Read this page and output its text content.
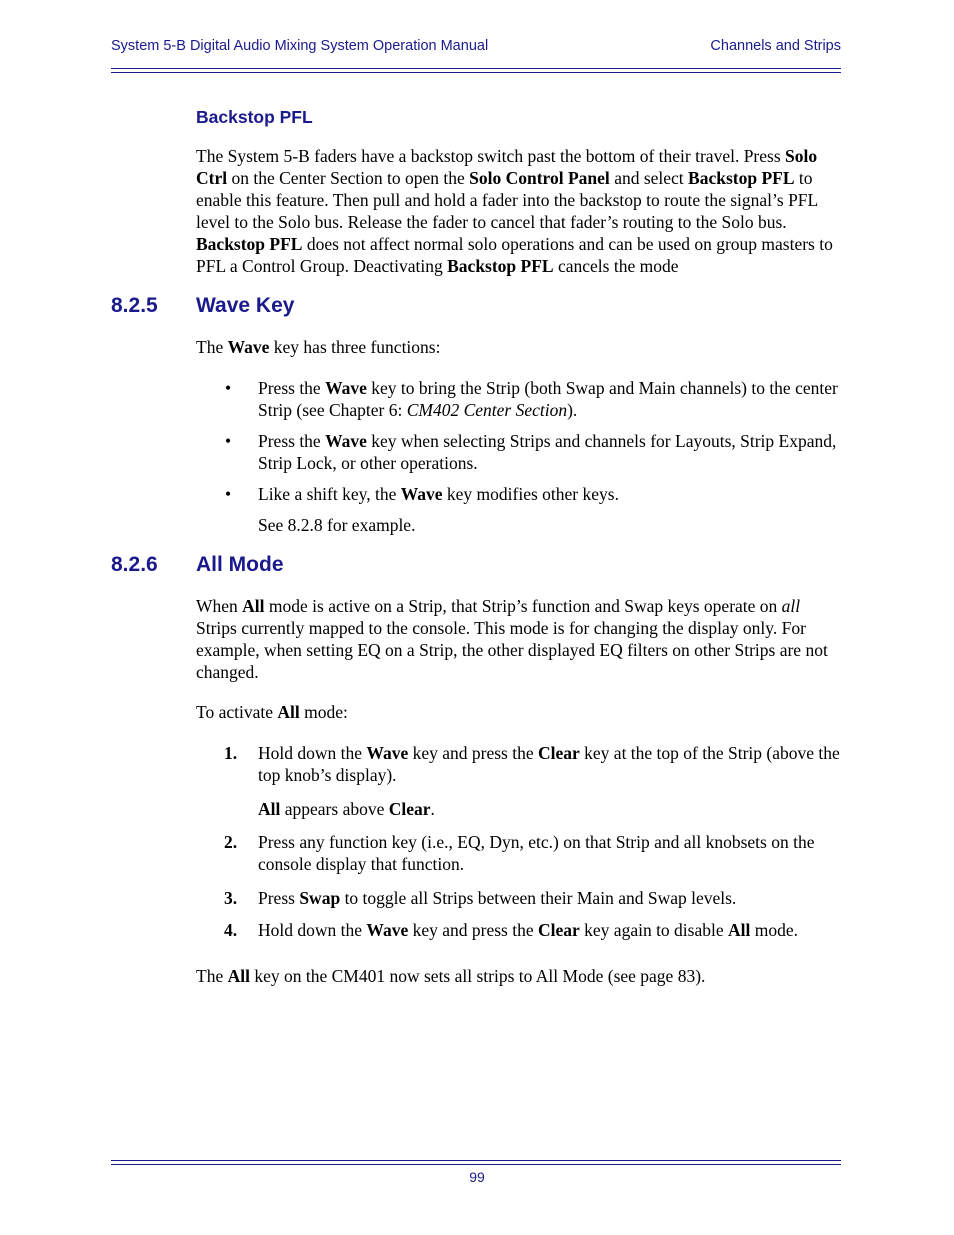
System 5-B Digital Audio Mixing System Operation Manual	Channels and Strips
Backstop PFL

The System 5-B faders have a backstop switch past the bottom of their travel. Press Solo Ctrl on the Center Section to open the Solo Control Panel and select Backstop PFL to enable this feature. Then pull and hold a fader into the backstop to route the signal’s PFL level to the Solo bus. Release the fader to cancel that fader’s routing to the Solo bus. Backstop PFL does not affect normal solo operations and can be used on group masters to PFL a Control Group. Deactivating Backstop PFL cancels the mode

8.2.5 Wave Key

The Wave key has three functions:

• Press the Wave key to bring the Strip (both Swap and Main channels) to the center Strip (see Chapter 6: CM402 Center Section).

• Press the Wave key when selecting Strips and channels for Layouts, Strip Expand, Strip Lock, or other operations.

• Like a shift key, the Wave key modifies other keys.

See 8.2.8 for example.

8.2.6 All Mode

When All mode is active on a Strip, that Strip’s function and Swap keys operate on all Strips currently mapped to the console. This mode is for changing the display only. For example, when setting EQ on a Strip, the other displayed EQ filters on other Strips are not changed.

To activate All mode:

1. Hold down the Wave key and press the Clear key at the top of the Strip (above the top knob’s display).

All appears above Clear.

2. Press any function key (i.e., EQ, Dyn, etc.) on that Strip and all knobsets on the console display that function.

3. Press Swap to toggle all Strips between their Main and Swap levels.

4. Hold down the Wave key and press the Clear key again to disable All mode.

The All key on the CM401 now sets all strips to All Mode (see page 83).

99
